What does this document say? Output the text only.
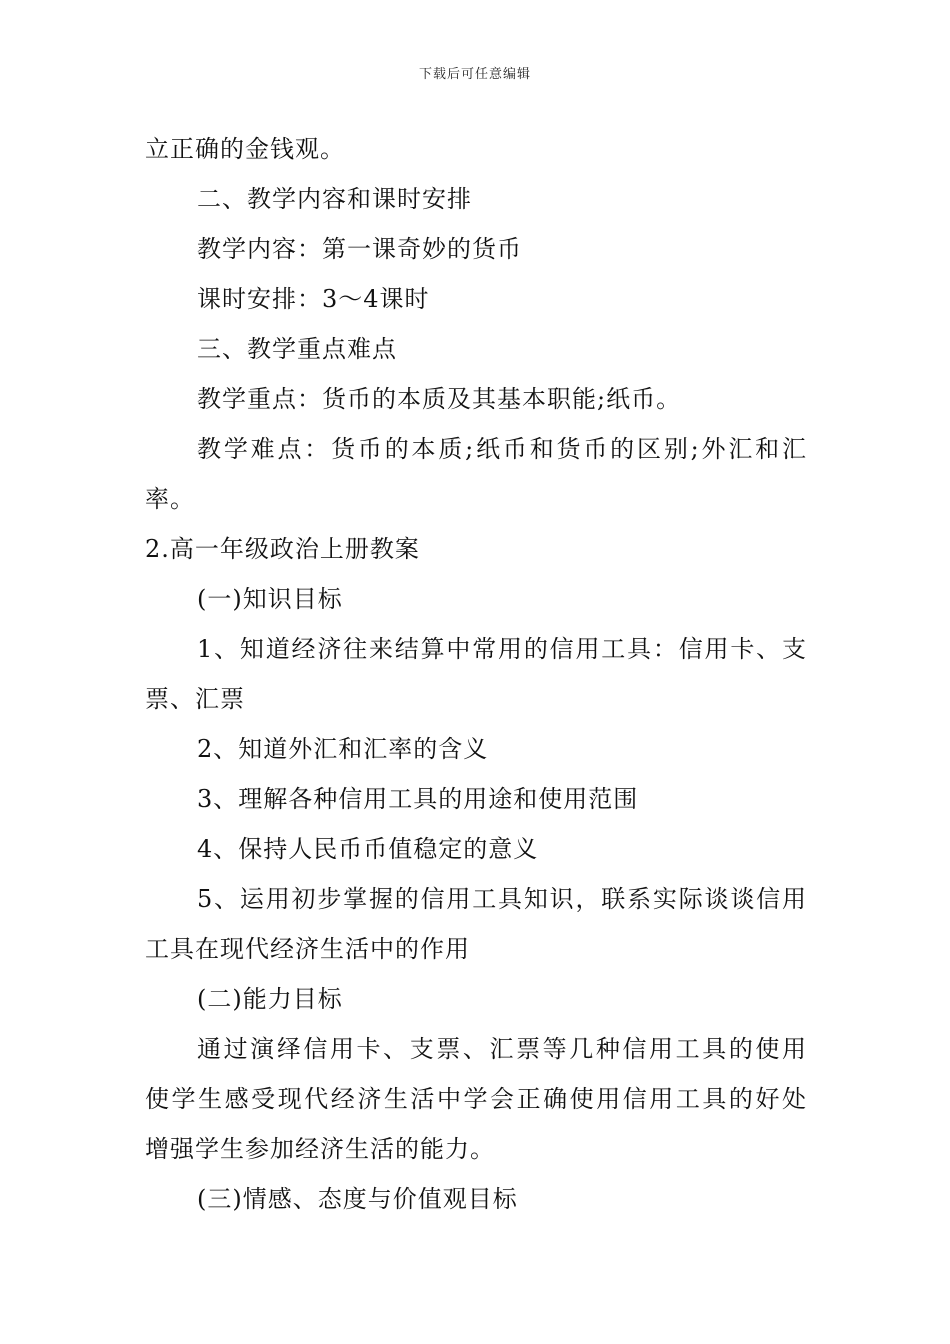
下载后可任意编辑
立正确的金钱观。
二、教学内容和课时安排
教学内容：第一课奇妙的货币
课时安排：3～4课时
三、教学重点难点
教学重点：货币的本质及其基本职能;纸币。
教学难点：货币的本质;纸币和货币的区别;外汇和汇
率。
2.高一年级政治上册教案
(一)知识目标
1、知道经济往来结算中常用的信用工具：信用卡、支
票、汇票
2、知道外汇和汇率的含义
3、理解各种信用工具的用途和使用范围
4、保持人民币币值稳定的意义
5、运用初步掌握的信用工具知识，联系实际谈谈信用
工具在现代经济生活中的作用
(二)能力目标
通过演绎信用卡、支票、汇票等几种信用工具的使用
使学生感受现代经济生活中学会正确使用信用工具的好处
增强学生参加经济生活的能力。
(三)情感、态度与价值观目标
